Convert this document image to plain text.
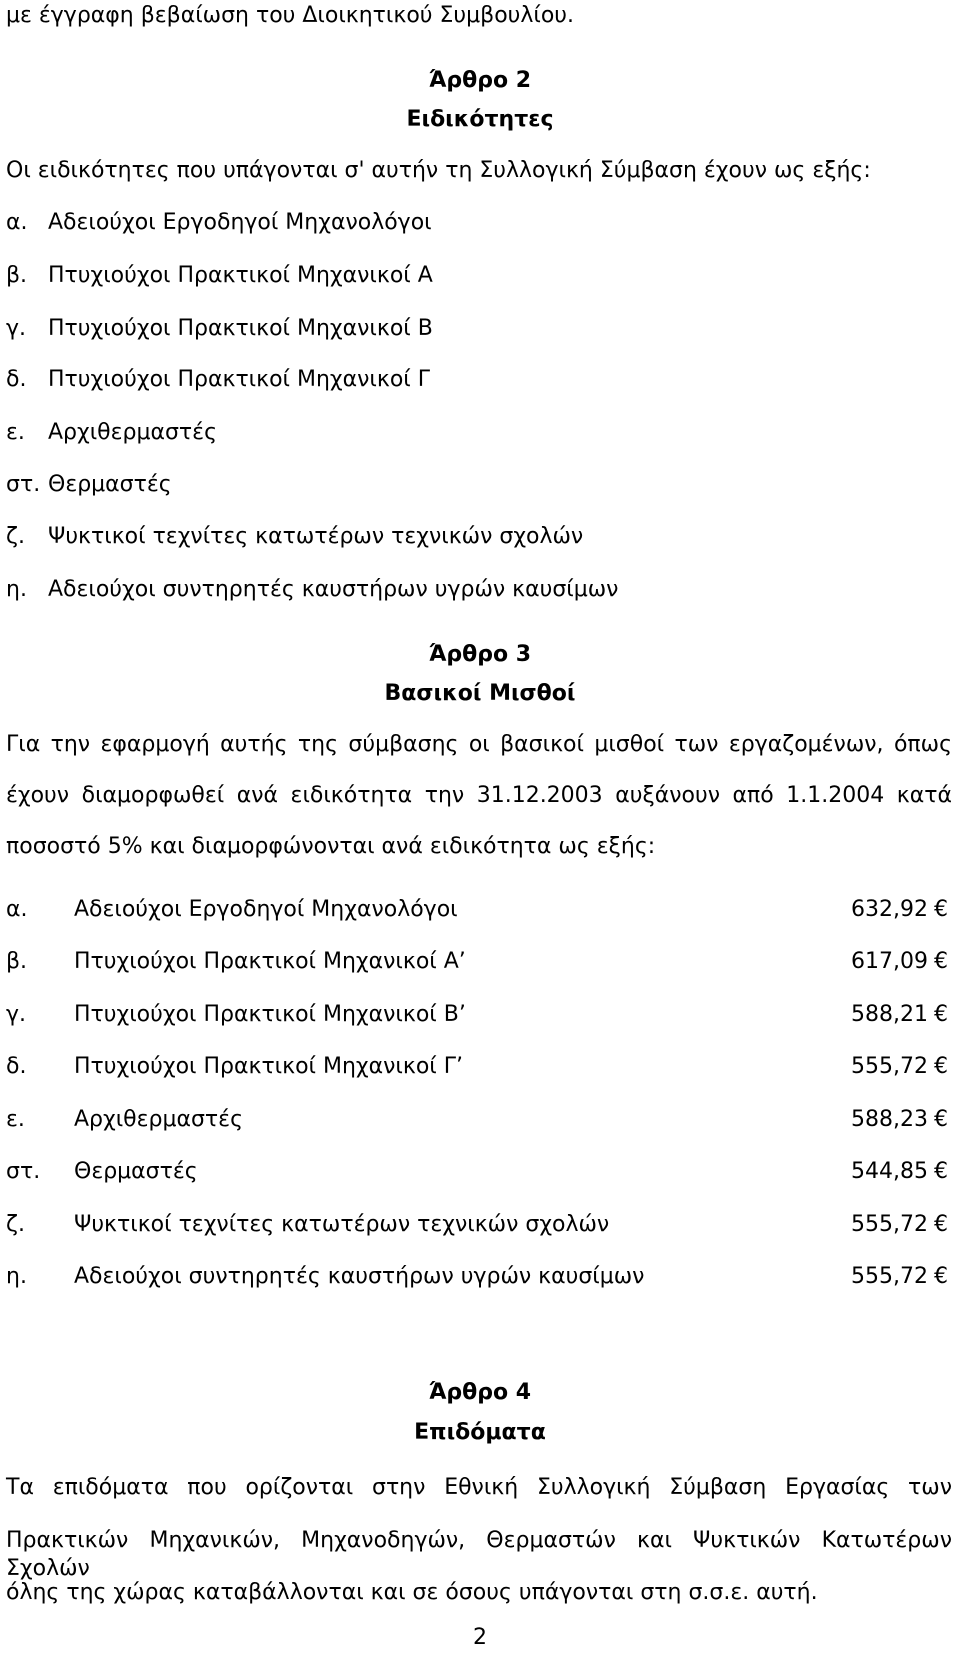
με έγγραφη βεβαίωση του Διοικητικού Συμβουλίου.
Άρθρο 2
Ειδικότητες
Οι ειδικότητες που υπάγονται σ' αυτήν τη Συλλογική Σύμβαση έχουν ως εξής:
α. Αδειούχοι Εργοδηγοί Μηχανολόγοι
β. Πτυχιούχοι Πρακτικοί Μηχανικοί Α
γ. Πτυχιούχοι Πρακτικοί Μηχανικοί Β
δ. Πτυχιούχοι Πρακτικοί Μηχανικοί Γ
ε. Αρχιθερμαστές
στ. Θερμαστές
ζ. Ψυκτικοί τεχνίτες κατωτέρων τεχνικών σχολών
η. Αδειούχοι συντηρητές καυστήρων υγρών καυσίμων
Άρθρο 3
Βασικοί Μισθοί
Για την εφαρμογή αυτής της σύμβασης οι βασικοί μισθοί των εργαζομένων, όπως
έχουν διαμορφωθεί ανά ειδικότητα την 31.12.2003 αυξάνουν από 1.1.2004 κατά
ποσοστό 5% και διαμορφώνονται ανά ειδικότητα ως εξής:
α. Αδειούχοι Εργοδηγοί Μηχανολόγοι	632,92 €
β. Πτυχιούχοι Πρακτικοί Μηχανικοί Α’	617,09 €
γ. Πτυχιούχοι Πρακτικοί Μηχανικοί Β’	588,21 €
δ. Πτυχιούχοι Πρακτικοί Μηχανικοί Γ’	555,72 €
ε. Αρχιθερμαστές	588,23 €
στ. Θερμαστές	544,85 €
ζ. Ψυκτικοί τεχνίτες κατωτέρων τεχνικών σχολών	555,72 €
η. Αδειούχοι συντηρητές καυστήρων υγρών καυσίμων	555,72 €
Άρθρο 4
Επιδόματα
Τα επιδόματα που ορίζονται στην Εθνική Συλλογική Σύμβαση Εργασίας των
Πρακτικών Μηχανικών, Μηχανοδηγών, Θερμαστών και Ψυκτικών Κατωτέρων Σχολών
όλης της χώρας καταβάλλονται και σε όσους υπάγονται στη σ.σ.ε. αυτή.
2
